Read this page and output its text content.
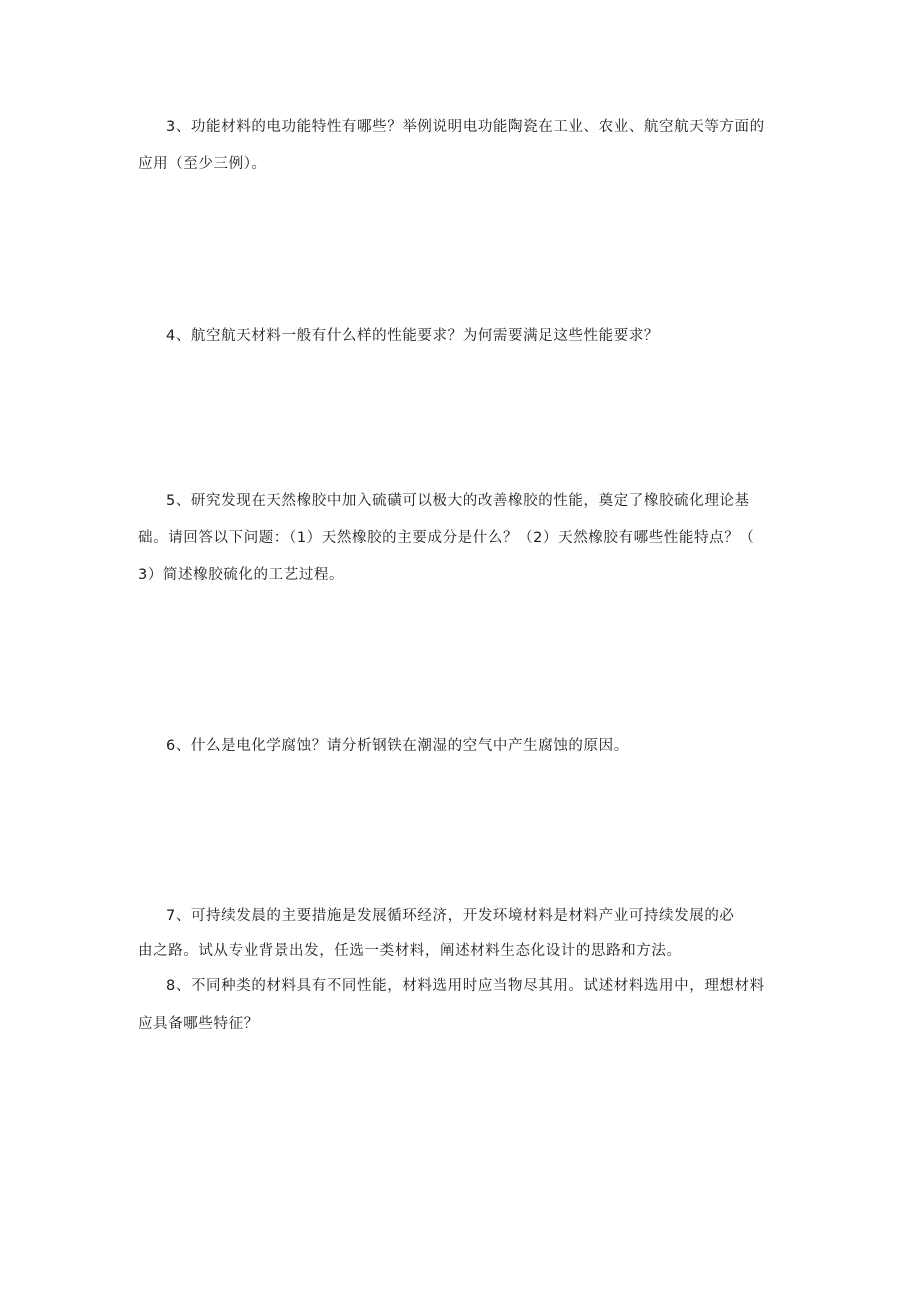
3、功能材料的电功能特性有哪些？举例说明电功能陶瓷在工业、农业、航空航天等方面的
应用（至少三例）。
4、航空航天材料一般有什么样的性能要求？为何需要满足这些性能要求？
5、研究发现在天然橡胶中加入硫磺可以极大的改善橡胶的性能，奠定了橡胶硫化理论基
础。请回答以下问题：（1）天然橡胶的主要成分是什么？（2）天然橡胶有哪些性能特点？（
3）简述橡胶硫化的工艺过程。
6、什么是电化学腐蚀？请分析钢铁在潮湿的空气中产生腐蚀的原因。
7、可持续发晨的主要措施是发展循环经济，开发环境材料是材料产业可持续发展的必
由之路。试从专业背景出发，任选一类材料，阐述材料生态化设计的思路和方法。
8、不同种类的材料具有不同性能，材料选用时应当物尽其用。试述材料选用中，理想材料
应具备哪些特征？
